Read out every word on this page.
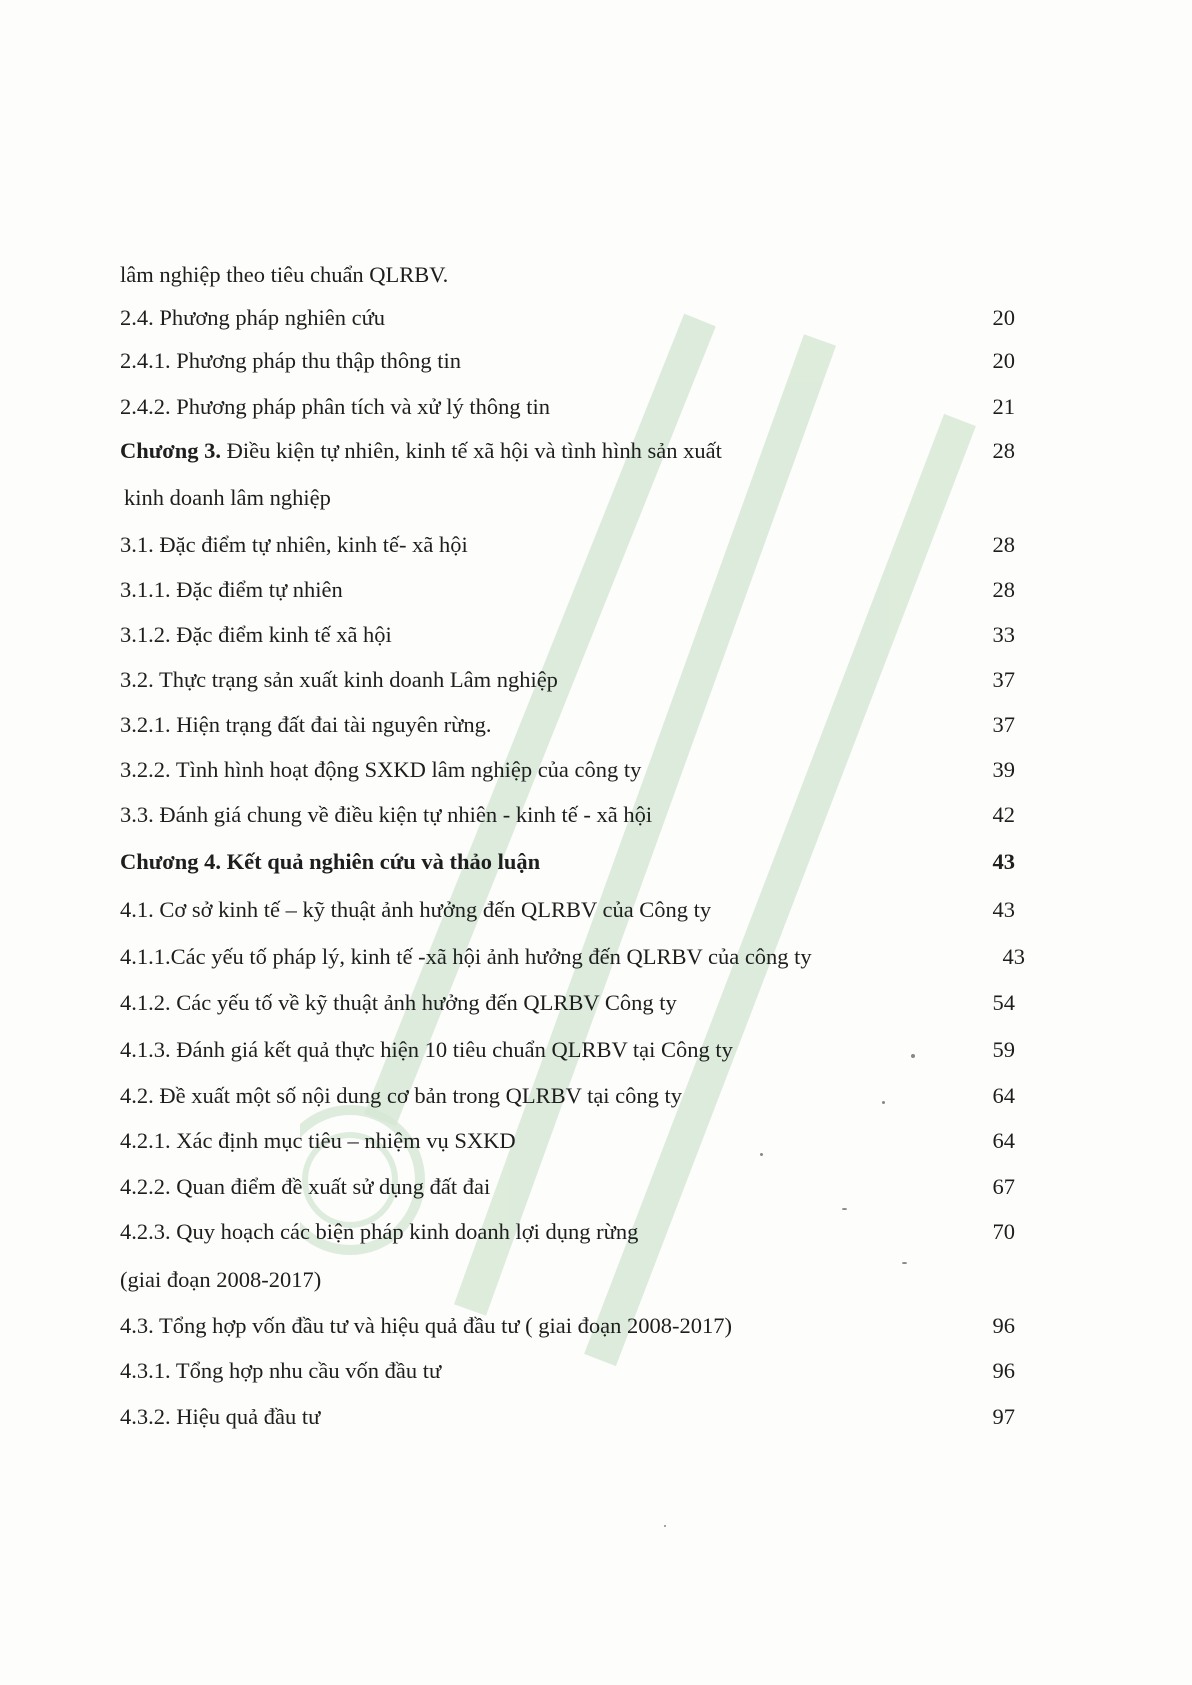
lâm nghiệp theo tiêu chuẩn QLRBV.
2.4. Phương pháp nghiên cứu	20
2.4.1. Phương pháp thu thập thông tin	20
2.4.2. Phương pháp phân tích và xử lý thông tin	21
Chương 3. Điều kiện tự nhiên, kinh tế xã hội và tình hình sản xuất	28
kinh doanh lâm nghiệp
3.1. Đặc điểm tự nhiên, kinh tế- xã hội	28
3.1.1. Đặc điểm tự nhiên	28
3.1.2. Đặc điểm kinh tế xã hội	33
3.2. Thực trạng sản xuất kinh doanh Lâm nghiệp	37
3.2.1. Hiện trạng đất đai tài nguyên rừng.	37
3.2.2. Tình hình hoạt động SXKD lâm nghiệp của công ty	39
3.3. Đánh giá chung về điều kiện tự nhiên - kinh tế - xã hội	42
Chương 4. Kết quả nghiên cứu và thảo luận	43
4.1. Cơ sở kinh tế – kỹ thuật ảnh hưởng đến QLRBV của Công ty	43
4.1.1.Các yếu tố pháp lý, kinh tế -xã hội ảnh hưởng đến QLRBV của công ty	43
4.1.2. Các yếu tố về kỹ thuật ảnh hưởng đến QLRBV Công ty	54
4.1.3. Đánh giá kết quả thực hiện 10 tiêu chuẩn QLRBV tại Công ty	59
4.2. Đề xuất một số nội dung cơ bản trong QLRBV tại công ty	64
4.2.1. Xác định mục tiêu – nhiệm vụ SXKD	64
4.2.2. Quan điểm đề xuất sử dụng đất đai	67
4.2.3. Quy hoạch các biện pháp kinh doanh lợi dụng rừng	70
(giai đoạn 2008-2017)
4.3. Tổng hợp vốn đầu tư và hiệu quả đầu tư ( giai đoạn 2008-2017)	96
4.3.1. Tổng hợp nhu cầu vốn đầu tư	96
4.3.2. Hiệu quả đầu tư	97
